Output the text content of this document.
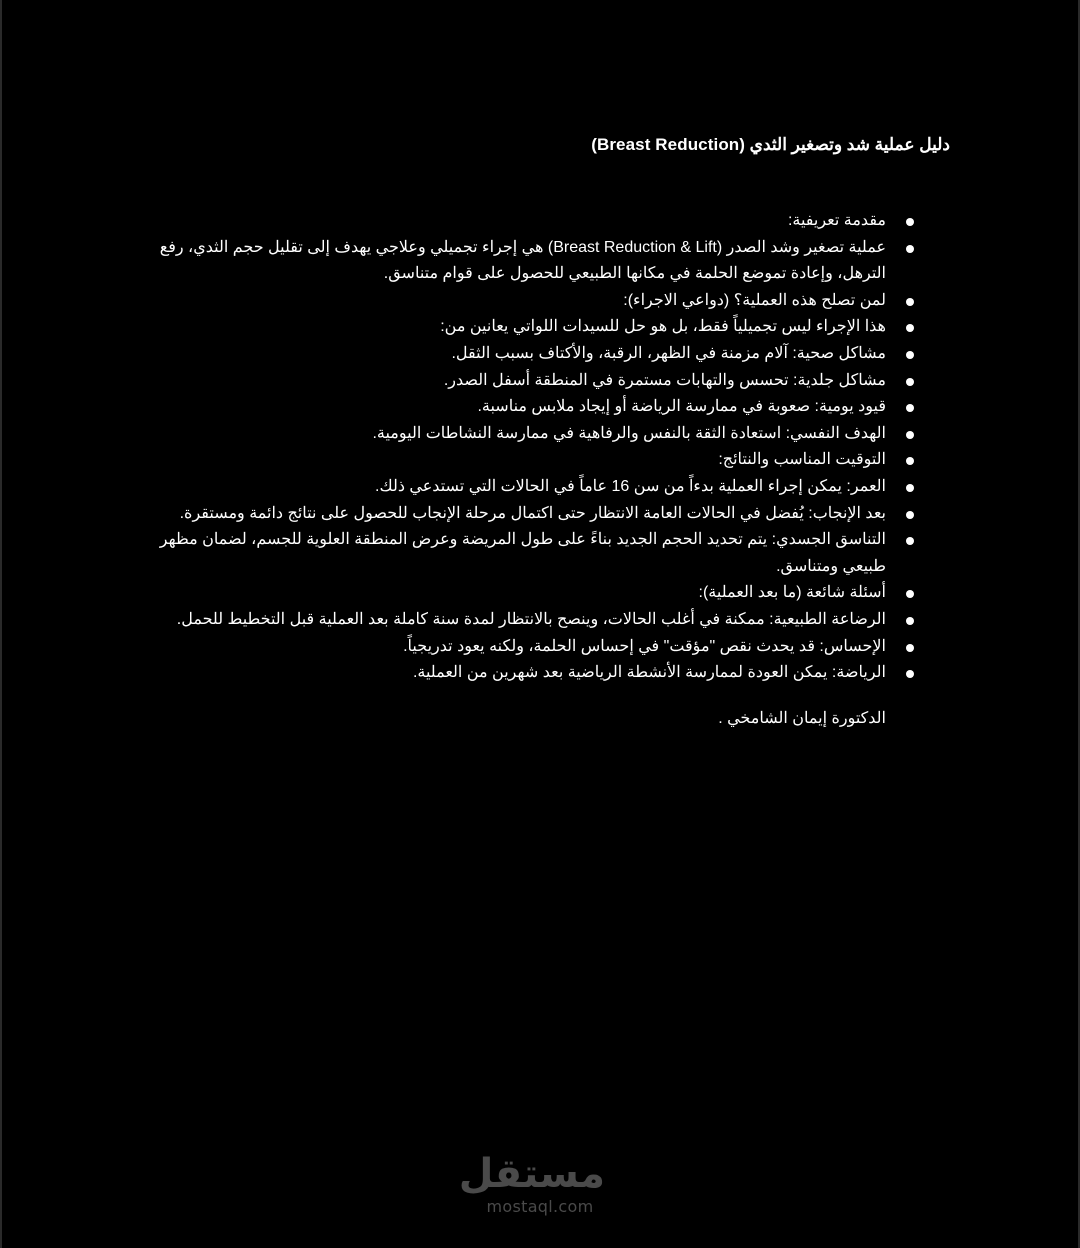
دليل عملية شد وتصغير الثدي (Breast Reduction)
مقدمة تعريفية:
عملية تصغير وشد الصدر (Breast Reduction & Lift) هي إجراء تجميلي وعلاجي يهدف إلى تقليل حجم الثدي، رفع الترهل، وإعادة تموضع الحلمة في مكانها الطبيعي للحصول على قوام متناسق.
لمن تصلح هذه العملية؟ (دواعي الاجراء):
هذا الإجراء ليس تجميلياً فقط، بل هو حل للسيدات اللواتي يعانين من:
مشاكل صحية: آلام مزمنة في الظهر، الرقبة، والأكتاف بسبب الثقل.
مشاكل جلدية: تحسس والتهابات مستمرة في المنطقة أسفل الصدر.
قيود يومية: صعوبة في ممارسة الرياضة أو إيجاد ملابس مناسبة.
الهدف النفسي: استعادة الثقة بالنفس والرفاهية في ممارسة النشاطات اليومية.
التوقيت المناسب والنتائج:
العمر: يمكن إجراء العملية بدءاً من سن 16 عاماً في الحالات التي تستدعي ذلك.
بعد الإنجاب: يُفضل في الحالات العامة الانتظار حتى اكتمال مرحلة الإنجاب للحصول على نتائج دائمة ومستقرة.
التناسق الجسدي: يتم تحديد الحجم الجديد بناءً على طول المريضة وعرض المنطقة العلوية للجسم، لضمان مظهر طبيعي ومتناسق.
أسئلة شائعة (ما بعد العملية):
الرضاعة الطبيعية: ممكنة في أغلب الحالات، وينصح بالانتظار لمدة سنة كاملة بعد العملية قبل التخطيط للحمل.
الإحساس: قد يحدث نقص "مؤقت" في إحساس الحلمة، ولكنه يعود تدريجياً.
الرياضة: يمكن العودة لممارسة الأنشطة الرياضية بعد شهرين من العملية.

الدكتورة إيمان الشامخي .

مستقل
mostaql.com
